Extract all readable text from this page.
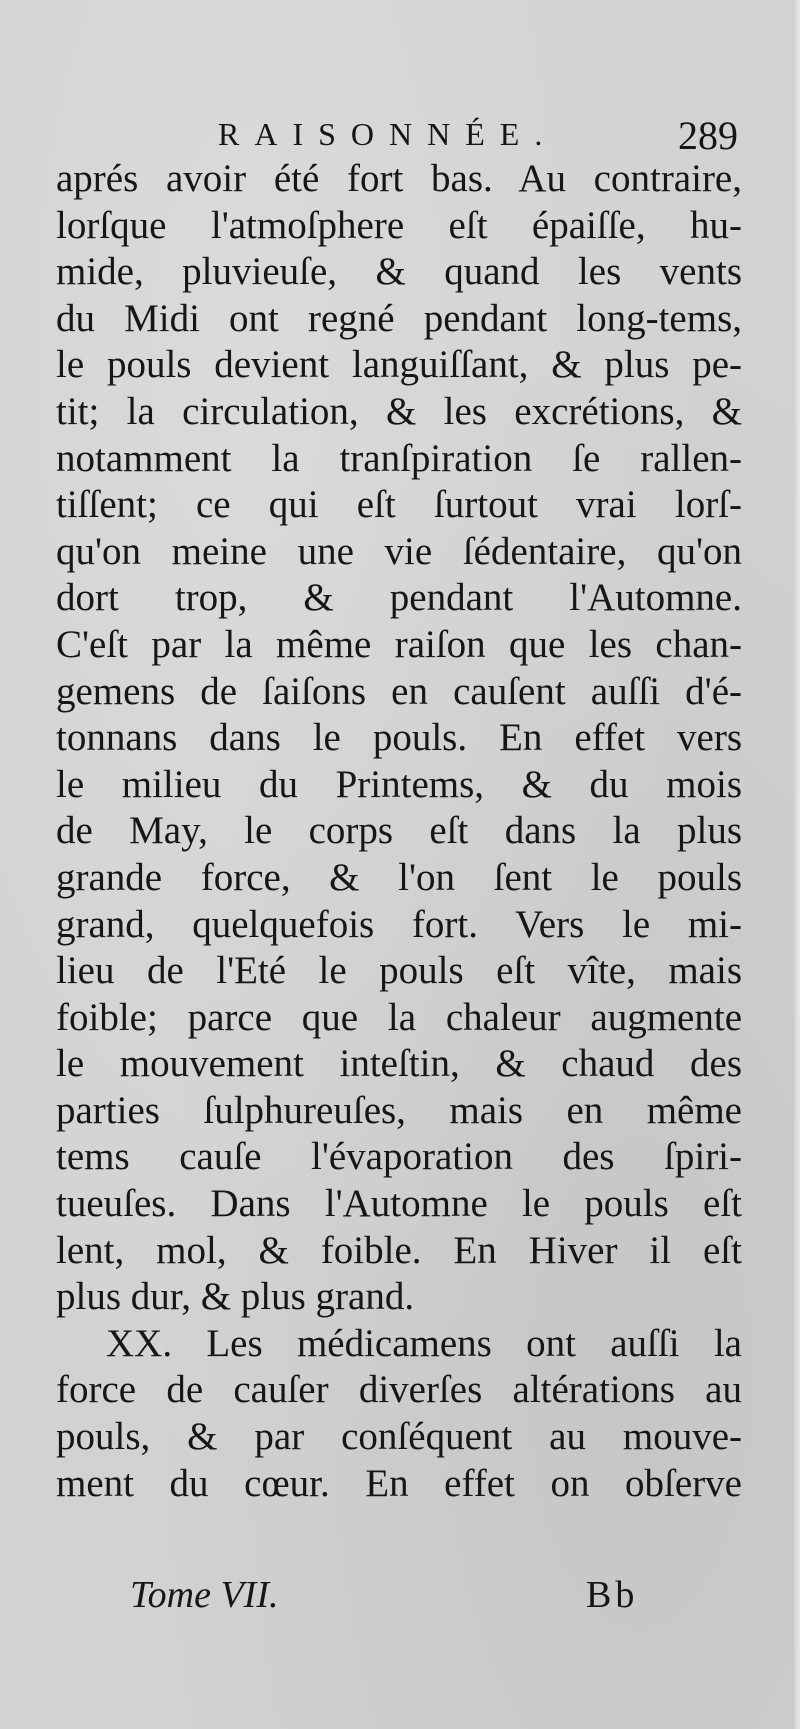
RAISONNÉE.	289
aprés avoir été fort bas. Au contraire,
lorſque l'atmoſphere eſt épaiſſe, hu-
mide, pluvieuſe, & quand les vents
du Midi ont regné pendant long-tems,
le pouls devient languiſſant, & plus pe-
tit; la circulation, & les excrétions, &
notamment la tranſpiration ſe rallen-
tiſſent; ce qui eſt ſurtout vrai lorſ-
qu'on meine une vie ſédentaire, qu'on
dort trop, & pendant l'Automne.
C'eſt par la même raiſon que les chan-
gemens de ſaiſons en cauſent auſſi d'é-
tonnans dans le pouls. En effet vers
le milieu du Printems, & du mois
de May, le corps eſt dans la plus
grande force, & l'on ſent le pouls
grand, quelquefois fort. Vers le mi-
lieu de l'Eté le pouls eſt vîte, mais
foible; parce que la chaleur augmente
le mouvement inteſtin, & chaud des
parties ſulphureuſes, mais en même
tems cauſe l'évaporation des ſpiri-
tueuſes. Dans l'Automne le pouls eſt
lent, mol, & foible. En Hiver il eſt
plus dur, & plus grand.
XX. Les médicamens ont auſſi la
force de cauſer diverſes altérations au
pouls, & par conſéquent au mouve-
ment du cœur. En effet on obſerve
Tome VII.	Bb
